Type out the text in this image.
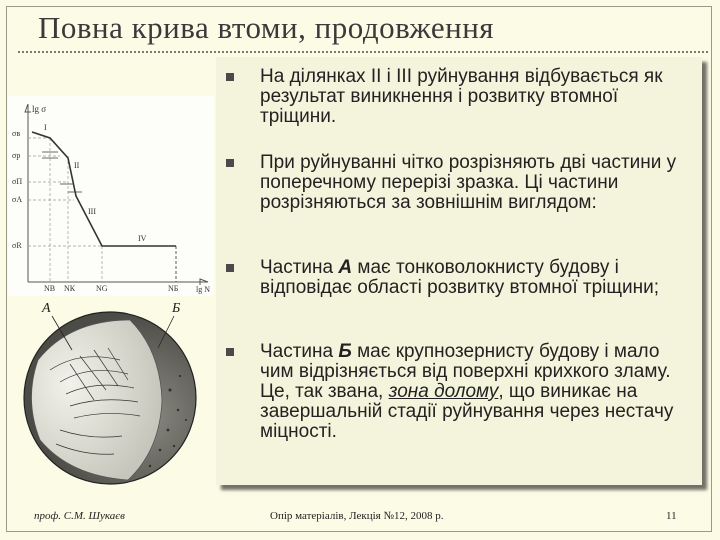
Повна крива втоми, продовження
lg σ
lg N
σв
σр
σП
σА
σR
NВ NК	NG	NБ
I
II
III
IV
А	Б
На ділянках II і III руйнування відбувається як результат виникнення і розвитку втомної тріщини.
При руйнуванні чітко розрізняють дві частини у поперечному перерізі зразка. Ці частини розрізняються за зовнішнім виглядом:
Частина А має тонковолокнисту будову і відповідає області розвитку втомної тріщини;
Частина Б має крупнозернисту будову і мало чим відрізняється від поверхні крихкого зламу. Це, так звана, зона долому, що виникає на завершальній стадії руйнування через нестачу міцності.
проф. С.М. Шукаєв	Опір матеріалів, Лекція №12, 2008 р.	11
